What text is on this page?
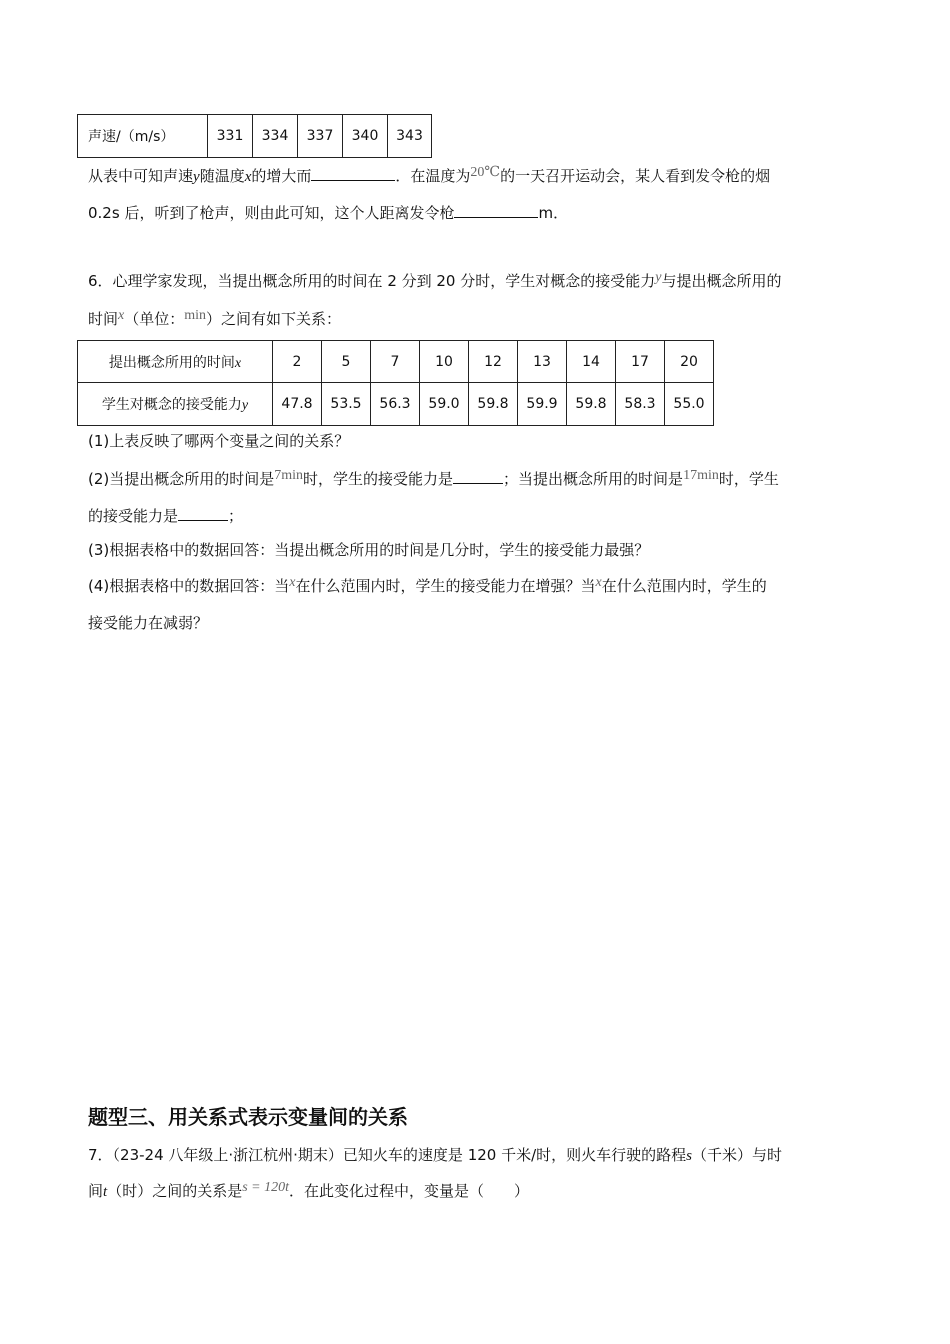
声速/（m/s）	331	334	337	340	343
从表中可知声速y随温度x的增大而	．在温度为20℃的一天召开运动会，某人看到发令枪的烟
0.2s 后，听到了枪声，则由此可知，这个人距离发令枪	m．
6．心理学家发现，当提出概念所用的时间在 2 分到 20 分时，学生对概念的接受能力y与提出概念所用的
时间x（单位：min）之间有如下关系：
提出概念所用的时间x	2	5	7	10	12	13	14	17	20
学生对概念的接受能力y	47.8	53.5	56.3	59.0	59.8	59.9	59.8	58.3	55.0
(1)上表反映了哪两个变量之间的关系？
(2)当提出概念所用的时间是7min时，学生的接受能力是	；当提出概念所用的时间是17min时，学生
的接受能力是	；
(3)根据表格中的数据回答：当提出概念所用的时间是几分时，学生的接受能力最强？
(4)根据表格中的数据回答：当x在什么范围内时，学生的接受能力在增强？当x在什么范围内时，学生的
接受能力在减弱？
题型三、用关系式表示变量间的关系
7．（23-24 八年级上·浙江杭州·期末）已知火车的速度是 120 千米/时，则火车行驶的路程s（千米）与时
间t（时）之间的关系是s = 120t．在此变化过程中，变量是（　　）
